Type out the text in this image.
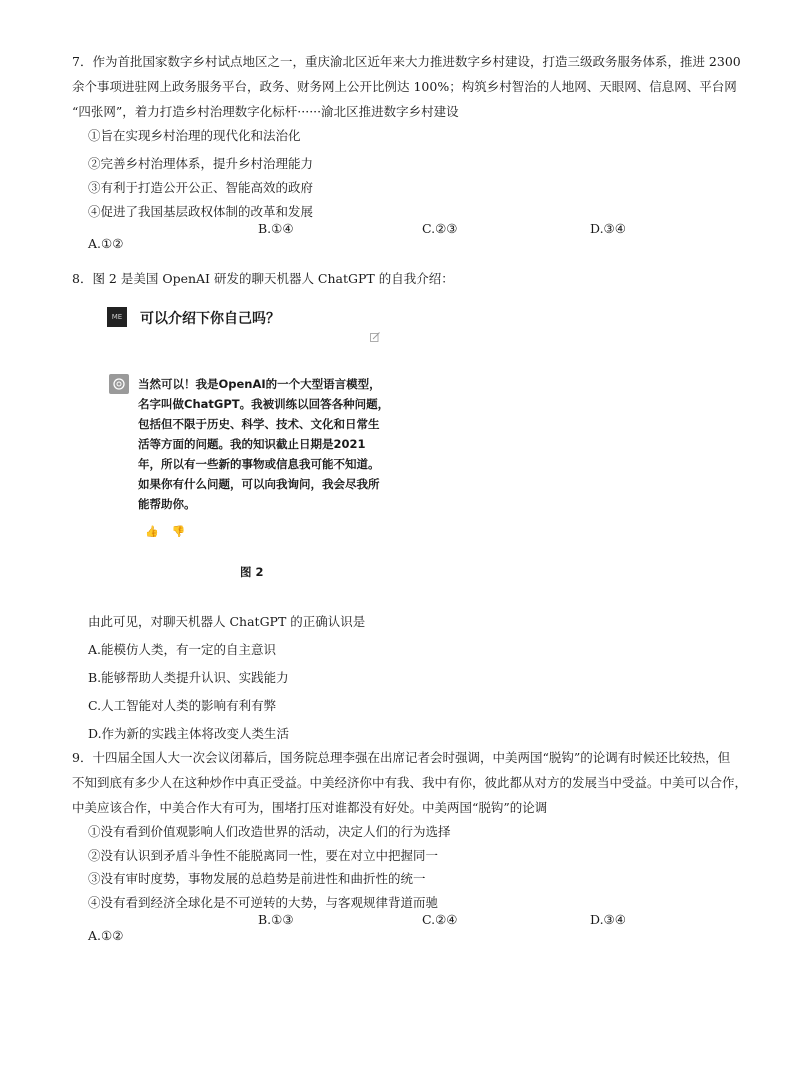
7．作为首批国家数字乡村试点地区之一，重庆渝北区近年来大力推进数字乡村建设，打造三级政务服务体系，推进 2300
余个事项进驻网上政务服务平台，政务、财务网上公开比例达 100%；构筑乡村智治的人地网、天眼网、信息网、平台网
“四张网”，着力打造乡村治理数字化标杆······渝北区推进数字乡村建设
①旨在实现乡村治理的现代化和法治化
②完善乡村治理体系，提升乡村治理能力
③有利于打造公开公正、智能高效的政府
④促进了我国基层政权体制的改革和发展
B.①④	C.②③	D.③④
A.①②
8．图 2 是美国 OpenAI 研发的聊天机器人 ChatGPT 的自我介绍：
ME	可以介绍下你自己吗？
当然可以！我是OpenAI的一个大型语言模型，
名字叫做ChatGPT。我被训练以回答各种问题，
包括但不限于历史、科学、技术、文化和日常生
活等方面的问题。我的知识截止日期是2021
年，所以有一些新的事物或信息我可能不知道。
如果你有什么问题，可以向我询问，我会尽我所
能帮助你。
👍 👎
图 2
由此可见，对聊天机器人 ChatGPT 的正确认识是
A.能模仿人类，有一定的自主意识
B.能够帮助人类提升认识、实践能力
C.人工智能对人类的影响有利有弊
D.作为新的实践主体将改变人类生活
9．十四届全国人大一次会议闭幕后，国务院总理李强在出席记者会时强调，中美两国“脱钩”的论调有时候还比较热，但
不知到底有多少人在这种炒作中真正受益。中美经济你中有我、我中有你，彼此都从对方的发展当中受益。中美可以合作，
中美应该合作，中美合作大有可为，围堵打压对谁都没有好处。中美两国“脱钩”的论调
①没有看到价值观影响人们改造世界的活动，决定人们的行为选择
②没有认识到矛盾斗争性不能脱离同一性，要在对立中把握同一
③没有审时度势，事物发展的总趋势是前进性和曲折性的统一
④没有看到经济全球化是不可逆转的大势，与客观规律背道而驰
B.①③	C.②④	D.③④
A.①②
